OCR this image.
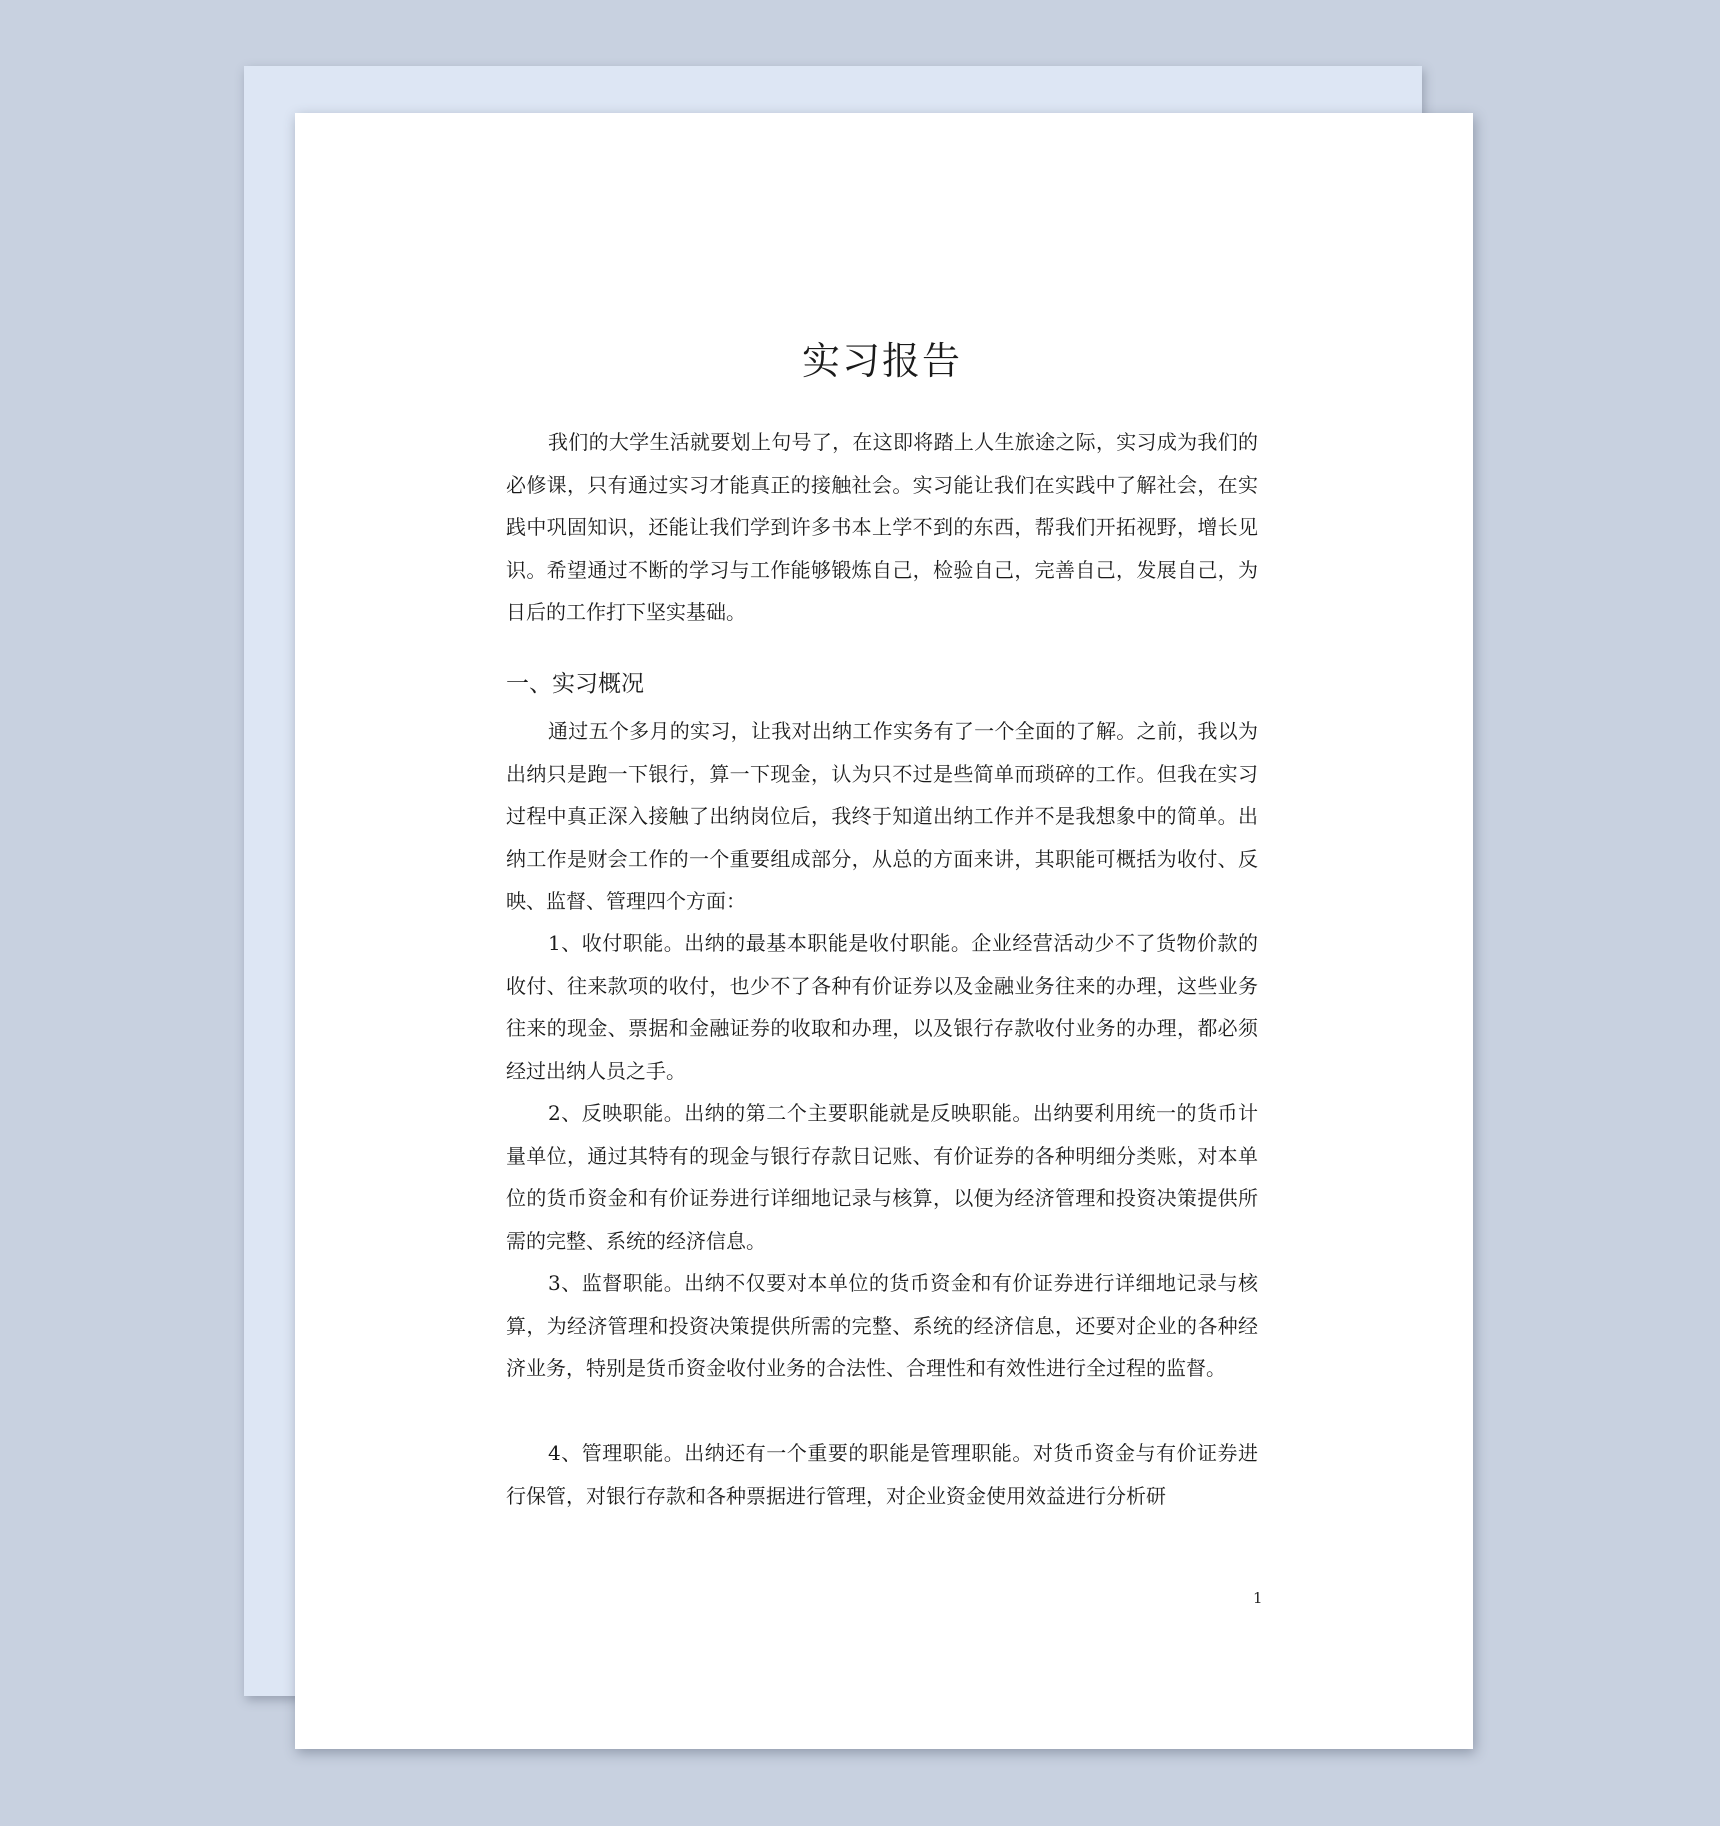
实习报告

我们的大学生活就要划上句号了，在这即将踏上人生旅途之际，实习成为我们的必修课，只有通过实习才能真正的接触社会。实习能让我们在实践中了解社会，在实践中巩固知识，还能让我们学到许多书本上学不到的东西，帮我们开拓视野，增长见识。希望通过不断的学习与工作能够锻炼自己，检验自己，完善自己，发展自己，为日后的工作打下坚实基础。

一、实习概况

通过五个多月的实习，让我对出纳工作实务有了一个全面的了解。之前，我以为出纳只是跑一下银行，算一下现金，认为只不过是些简单而琐碎的工作。但我在实习过程中真正深入接触了出纳岗位后，我终于知道出纳工作并不是我想象中的简单。出纳工作是财会工作的一个重要组成部分，从总的方面来讲，其职能可概括为收付、反映、监督、管理四个方面：

1、收付职能。出纳的最基本职能是收付职能。企业经营活动少不了货物价款的收付、往来款项的收付，也少不了各种有价证券以及金融业务往来的办理，这些业务往来的现金、票据和金融证券的收取和办理，以及银行存款收付业务的办理，都必须经过出纳人员之手。

2、反映职能。出纳的第二个主要职能就是反映职能。出纳要利用统一的货币计量单位，通过其特有的现金与银行存款日记账、有价证券的各种明细分类账，对本单位的货币资金和有价证券进行详细地记录与核算，以便为经济管理和投资决策提供所需的完整、系统的经济信息。

3、监督职能。出纳不仅要对本单位的货币资金和有价证券进行详细地记录与核算，为经济管理和投资决策提供所需的完整、系统的经济信息，还要对企业的各种经济业务，特别是货币资金收付业务的合法性、合理性和有效性进行全过程的监督。

4、管理职能。出纳还有一个重要的职能是管理职能。对货币资金与有价证券进行保管，对银行存款和各种票据进行管理，对企业资金使用效益进行分析研

1
